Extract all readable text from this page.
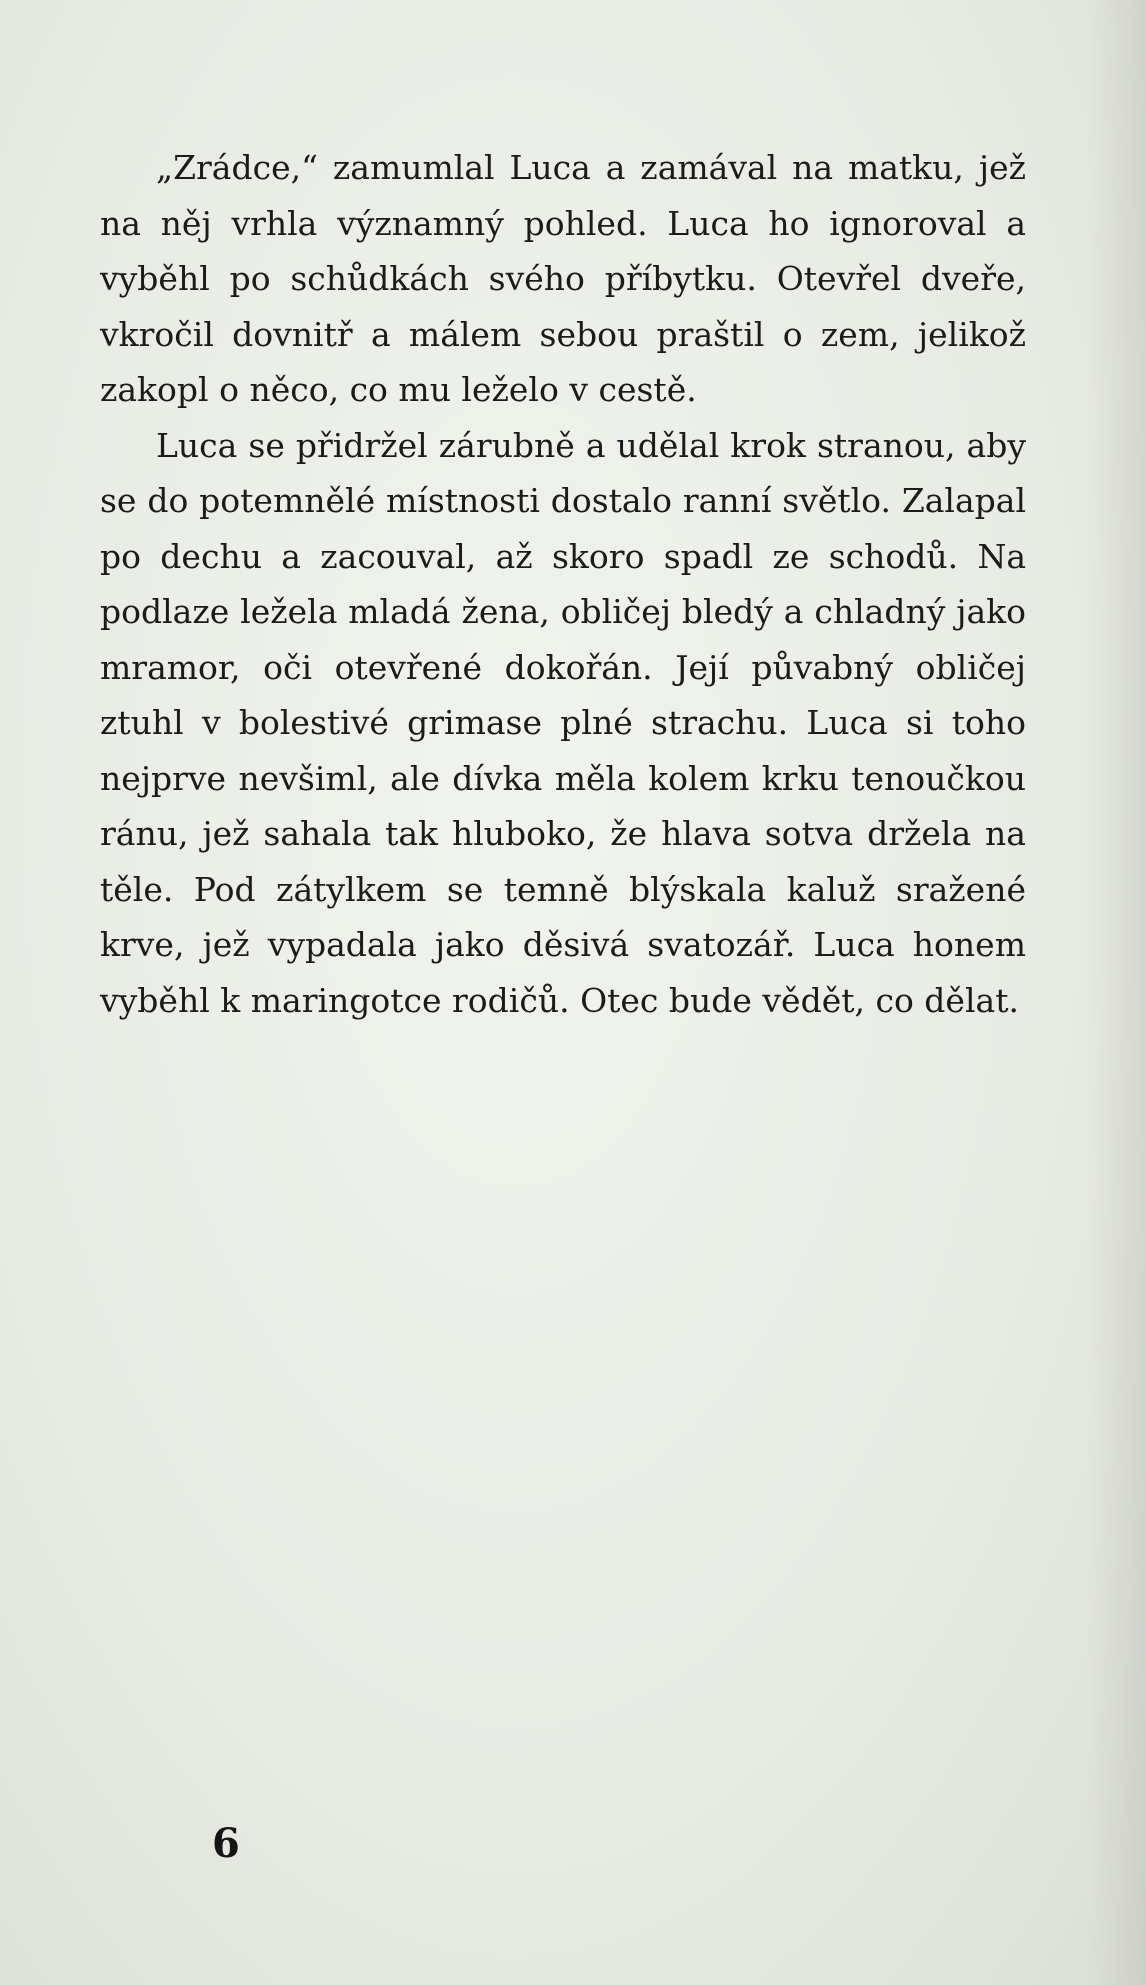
„Zrádce,“ zamumlal Luca a zamával na matku, jež na něj vrhla významný pohled. Luca ho ignoroval a vyběhl po schůdkách svého příbytku. Otevřel dveře, vkročil dovnitř a málem sebou praštil o zem, jelikož zakopl o něco, co mu leželo v cestě.

Luca se přidržel zárubně a udělal krok stranou, aby se do potemnělé místnosti dostalo ranní světlo. Zalapal po dechu a zacouval, až skoro spadl ze schodů. Na podlaze ležela mladá žena, obličej bledý a chladný jako mramor, oči otevřené dokořán. Její půvabný obličej ztuhl v bolestivé grimase plné strachu. Luca si toho nejprve nevšiml, ale dívka měla kolem krku tenoučkou ránu, jež sahala tak hluboko, že hlava sotva držela na těle. Pod zátylkem se temně blýskala kaluž sražené krve, jež vypadala jako děsivá svatozář. Luca honem vyběhl k maringotce rodičů. Otec bude vědět, co dělat.

6
